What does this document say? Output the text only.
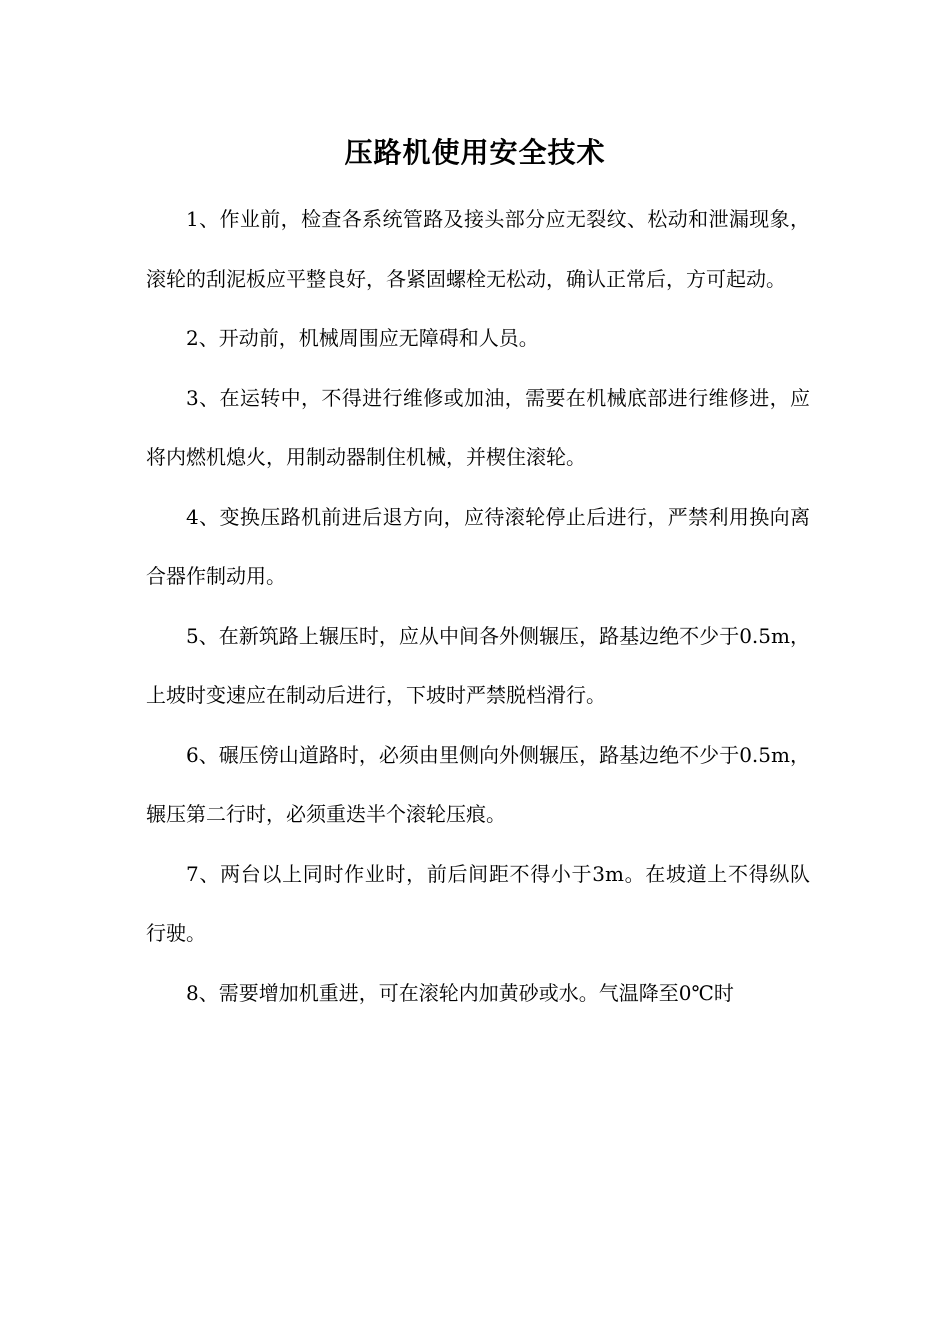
压路机使用安全技术

1、作业前，检查各系统管路及接头部分应无裂纹、松动和泄漏现象，滚轮的刮泥板应平整良好，各紧固螺栓无松动，确认正常后，方可起动。

2、开动前，机械周围应无障碍和人员。

3、在运转中，不得进行维修或加油，需要在机械底部进行维修进，应将内燃机熄火，用制动器制住机械，并楔住滚轮。

4、变换压路机前进后退方向，应待滚轮停止后进行，严禁利用换向离合器作制动用。

5、在新筑路上辗压时，应从中间各外侧辗压，路基边绝不少于0.5m，上坡时变速应在制动后进行，下坡时严禁脱档滑行。

6、碾压傍山道路时，必须由里侧向外侧辗压，路基边绝不少于0.5m，辗压第二行时，必须重迭半个滚轮压痕。

7、两台以上同时作业时，前后间距不得小于3m。在坡道上不得纵队行驶。

8、需要增加机重进，可在滚轮内加黄砂或水。气温降至0℃时
